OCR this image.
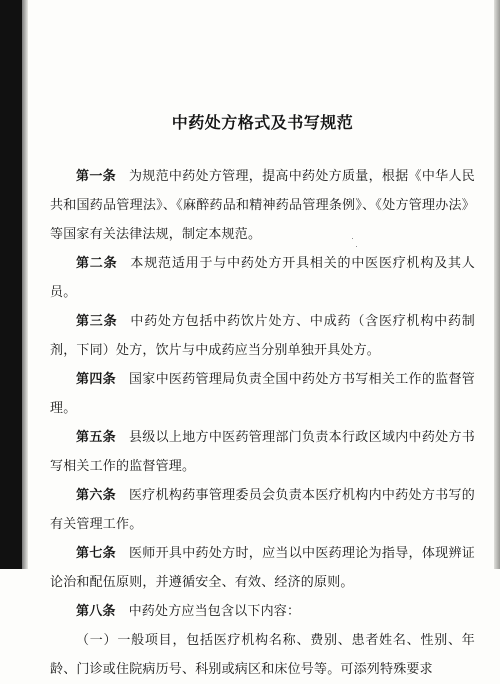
中药处方格式及书写规范

第一条 为规范中药处方管理，提高中药处方质量，根据《中华人民共和国药品管理法》、《麻醉药品和精神药品管理条例》、《处方管理办法》等国家有关法律法规，制定本规范。

第二条 本规范适用于与中药处方开具相关的中医医疗机构及其人员。

第三条 中药处方包括中药饮片处方、中成药（含医疗机构中药制剂，下同）处方，饮片与中成药应当分别单独开具处方。

第四条 国家中医药管理局负责全国中药处方书写相关工作的监督管理。

第五条 县级以上地方中医药管理部门负责本行政区域内中药处方书写相关工作的监督管理。

第六条 医疗机构药事管理委员会负责本医疗机构内中药处方书写的有关管理工作。

第七条 医师开具中药处方时，应当以中医药理论为指导，体现辨证论治和配伍原则，并遵循安全、有效、经济的原则。

第八条 中药处方应当包含以下内容：

（一）一般项目，包括医疗机构名称、费别、患者姓名、性别、年龄、门诊或住院病历号、科别或病区和床位号等。可添列特殊要求
